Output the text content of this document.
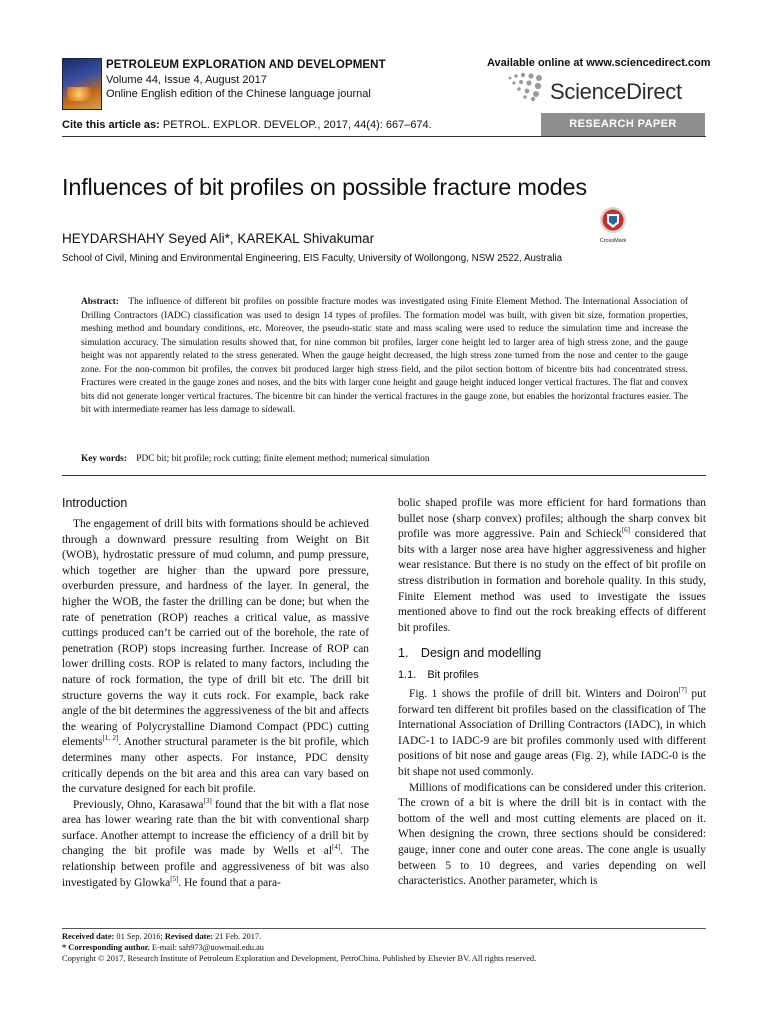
PETROLEUM EXPLORATION AND DEVELOPMENT
Volume 44, Issue 4, August 2017
Online English edition of the Chinese language journal
Available online at www.sciencedirect.com
ScienceDirect
Cite this article as: PETROL. EXPLOR. DEVELOP., 2017, 44(4): 667–674.	RESEARCH PAPER
Influences of bit profiles on possible fracture modes
CrossMark
HEYDARSHAHY Seyed Ali*, KAREKAL Shivakumar
School of Civil, Mining and Environmental Engineering, EIS Faculty, University of Wollongong, NSW 2522, Australia
Abstract: The influence of different bit profiles on possible fracture modes was investigated using Finite Element Method. The International Association of Drilling Contractors (IADC) classification was used to design 14 types of profiles. The formation model was built, with given bit size, formation properties, meshing method and boundary conditions, etc. Moreover, the pseudo-static state and mass scaling were used to reduce the simulation time and increase the simulation accuracy. The simulation results showed that, for nine common bit profiles, larger cone height led to larger area of high stress zone, and the gauge height was not apparently related to the stress generated. When the gauge height decreased, the high stress zone turned from the nose and center to the gauge zone. For the non-common bit profiles, the convex bit produced larger high stress field, and the pilot section bottom of bicentre bits had concentrated stress. Fractures were created in the gauge zones and noses, and the bits with larger cone height and gauge height induced longer vertical fractures. The flat and convex bits did not generate longer vertical fractures. The bicentre bit can hinder the vertical fractures in the gauge zone, but enables the horizontal fractures easier. The bit with intermediate reamer has less damage to sidewall.
Key words: PDC bit; bit profile; rock cutting; finite element method; numerical simulation
Introduction

The engagement of drill bits with formations should be achieved through a downward pressure resulting from Weight on Bit (WOB), hydrostatic pressure of mud column, and pump pressure, which together are higher than the upward pore pressure, overburden pressure, and hardness of the layer. In general, the higher the WOB, the faster the drilling can be done; but when the rate of penetration (ROP) reaches a critical value, as massive cuttings produced can’t be carried out of the borehole, the rate of penetration (ROP) stops increasing further. Increase of ROP can lower drilling costs. ROP is related to many factors, including the nature of rock formation, the type of drill bit etc. The drill bit structure governs the way it cuts rock. For example, back rake angle of the bit determines the aggressiveness of the bit and affects the wearing of Polycrystalline Diamond Compact (PDC) cutting elements[1, 2]. Another structural parameter is the bit profile, which determines many other aspects. For instance, PDC density critically depends on the bit area and this area can vary based on the curvature designed for each bit profile.

Previously, Ohno, Karasawa[3] found that the bit with a flat nose area has lower wearing rate than the bit with conventional sharp surface. Another attempt to increase the efficiency of a drill bit by changing the bit profile was made by Wells et al[4]. The relationship between profile and aggressiveness of bit was also investigated by Glowka[5]. He found that a para-

bolic shaped profile was more efficient for hard formations than bullet nose (sharp convex) profiles; although the sharp convex bit profile was more aggressive. Pain and Schieck[6] considered that bits with a larger nose area have higher aggressiveness and higher wear resistance. But there is no study on the effect of bit profile on stress distribution in formation and borehole quality. In this study, Finite Element method was used to investigate the issues mentioned above to find out the rock breaking effects of different bit profiles.

1. Design and modelling
1.1. Bit profiles

Fig. 1 shows the profile of drill bit. Winters and Doiron[7] put forward ten different bit profiles based on the classification of The International Association of Drilling Contractors (IADC), in which IADC-1 to IADC-9 are bit profiles commonly used with different positions of bit nose and gauge areas (Fig. 2), while IADC-0 is the bit shape not used commonly.

Millions of modifications can be considered under this criterion. The crown of a bit is where the drill bit is in contact with the bottom of the well and most cutting elements are placed on it. When designing the crown, three sections should be considered: gauge, inner cone and outer cone areas. The cone angle is usually between 5 to 10 degrees, and varies depending on well characteristics. Another parameter, which is

Received date: 01 Sep. 2016; Revised date: 21 Feb. 2017.
* Corresponding author. E-mail: sah973@uowmail.edu.au
Copyright © 2017, Research Institute of Petroleum Exploration and Development, PetroChina. Published by Elsevier BV. All rights reserved.
